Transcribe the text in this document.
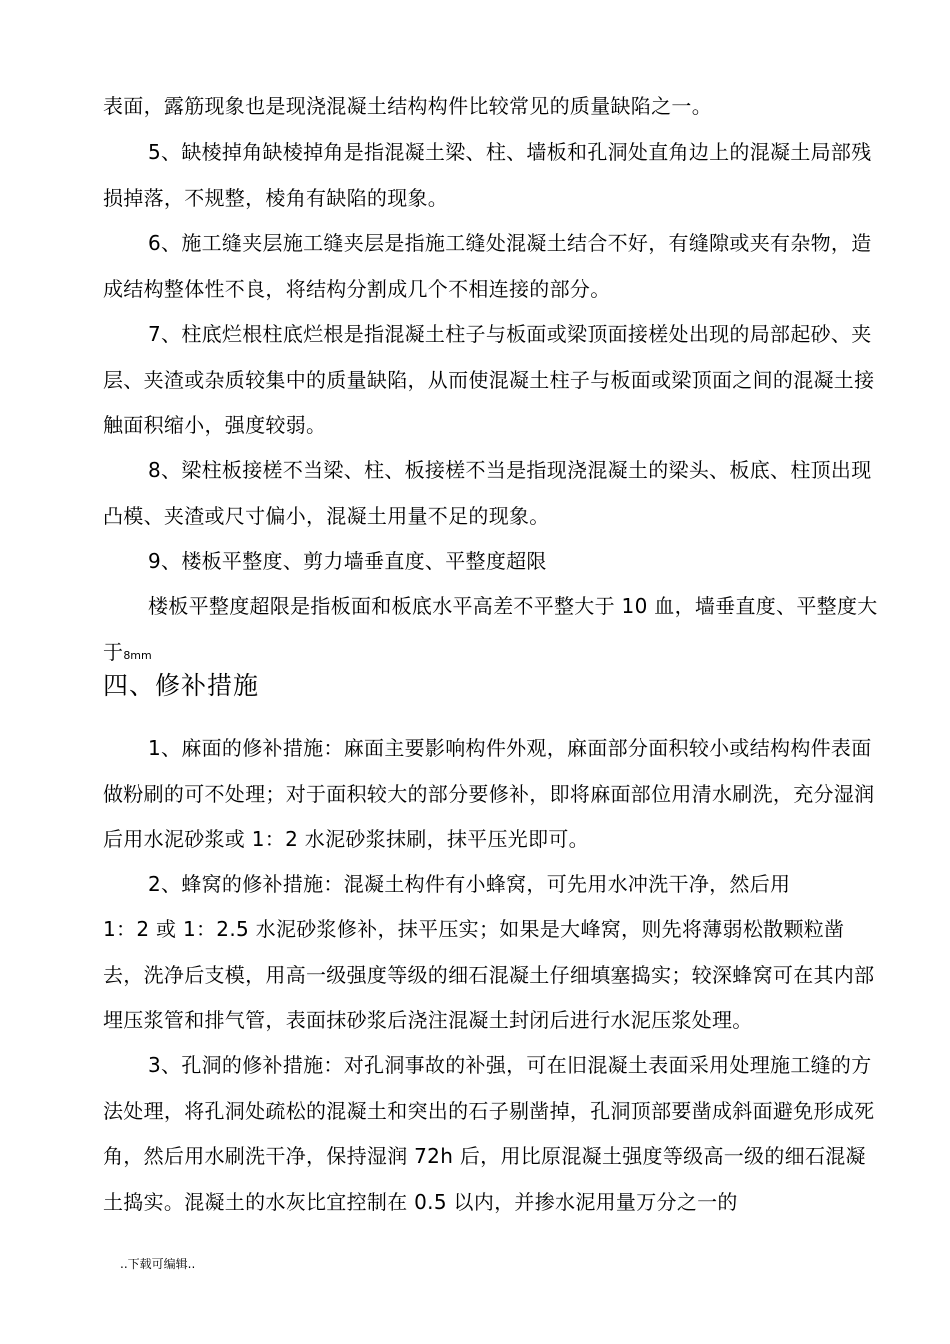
表面，露筋现象也是现浇混凝土结构构件比较常见的质量缺陷之一。

5、缺棱掉角缺棱掉角是指混凝土梁、柱、墙板和孔洞处直角边上的混凝土局部残损掉落，不规整，棱角有缺陷的现象。

6、施工缝夹层施工缝夹层是指施工缝处混凝土结合不好，有缝隙或夹有杂物，造成结构整体性不良，将结构分割成几个不相连接的部分。

7、柱底烂根柱底烂根是指混凝土柱子与板面或梁顶面接槎处出现的局部起砂、夹层、夹渣或杂质较集中的质量缺陷，从而使混凝土柱子与板面或梁顶面之间的混凝土接触面积缩小，强度较弱。

8、梁柱板接槎不当梁、柱、板接槎不当是指现浇混凝土的梁头、板底、柱顶出现凸模、夹渣或尺寸偏小，混凝土用量不足的现象。

9、楼板平整度、剪力墙垂直度、平整度超限

楼板平整度超限是指板面和板底水平高差不平整大于 10 血，墙垂直度、平整度大于8mm

四、修补措施

1、麻面的修补措施：麻面主要影响构件外观，麻面部分面积较小或结构构件表面做粉刷的可不处理；对于面积较大的部分要修补，即将麻面部位用清水刷洗，充分湿润后用水泥砂浆或 1：2 水泥砂浆抹刷，抹平压光即可。

2、蜂窝的修补措施：混凝土构件有小蜂窝，可先用水冲洗干净，然后用

1：2 或 1：2.5 水泥砂浆修补，抹平压实；如果是大峰窝，则先将薄弱松散颗粒凿去，洗净后支模，用高一级强度等级的细石混凝土仔细填塞捣实；较深蜂窝可在其内部埋压浆管和排气管，表面抹砂浆后浇注混凝土封闭后进行水泥压浆处理。

3、孔洞的修补措施：对孔洞事故的补强，可在旧混凝土表面采用处理施工缝的方法处理，将孔洞处疏松的混凝土和突出的石子剔凿掉，孔洞顶部要凿成斜面避免形成死角，然后用水刷洗干净，保持湿润 72h 后，用比原混凝土强度等级高一级的细石混凝土捣实。混凝土的水灰比宜控制在 0.5 以内，并掺水泥用量万分之一的

..下载可编辑..
